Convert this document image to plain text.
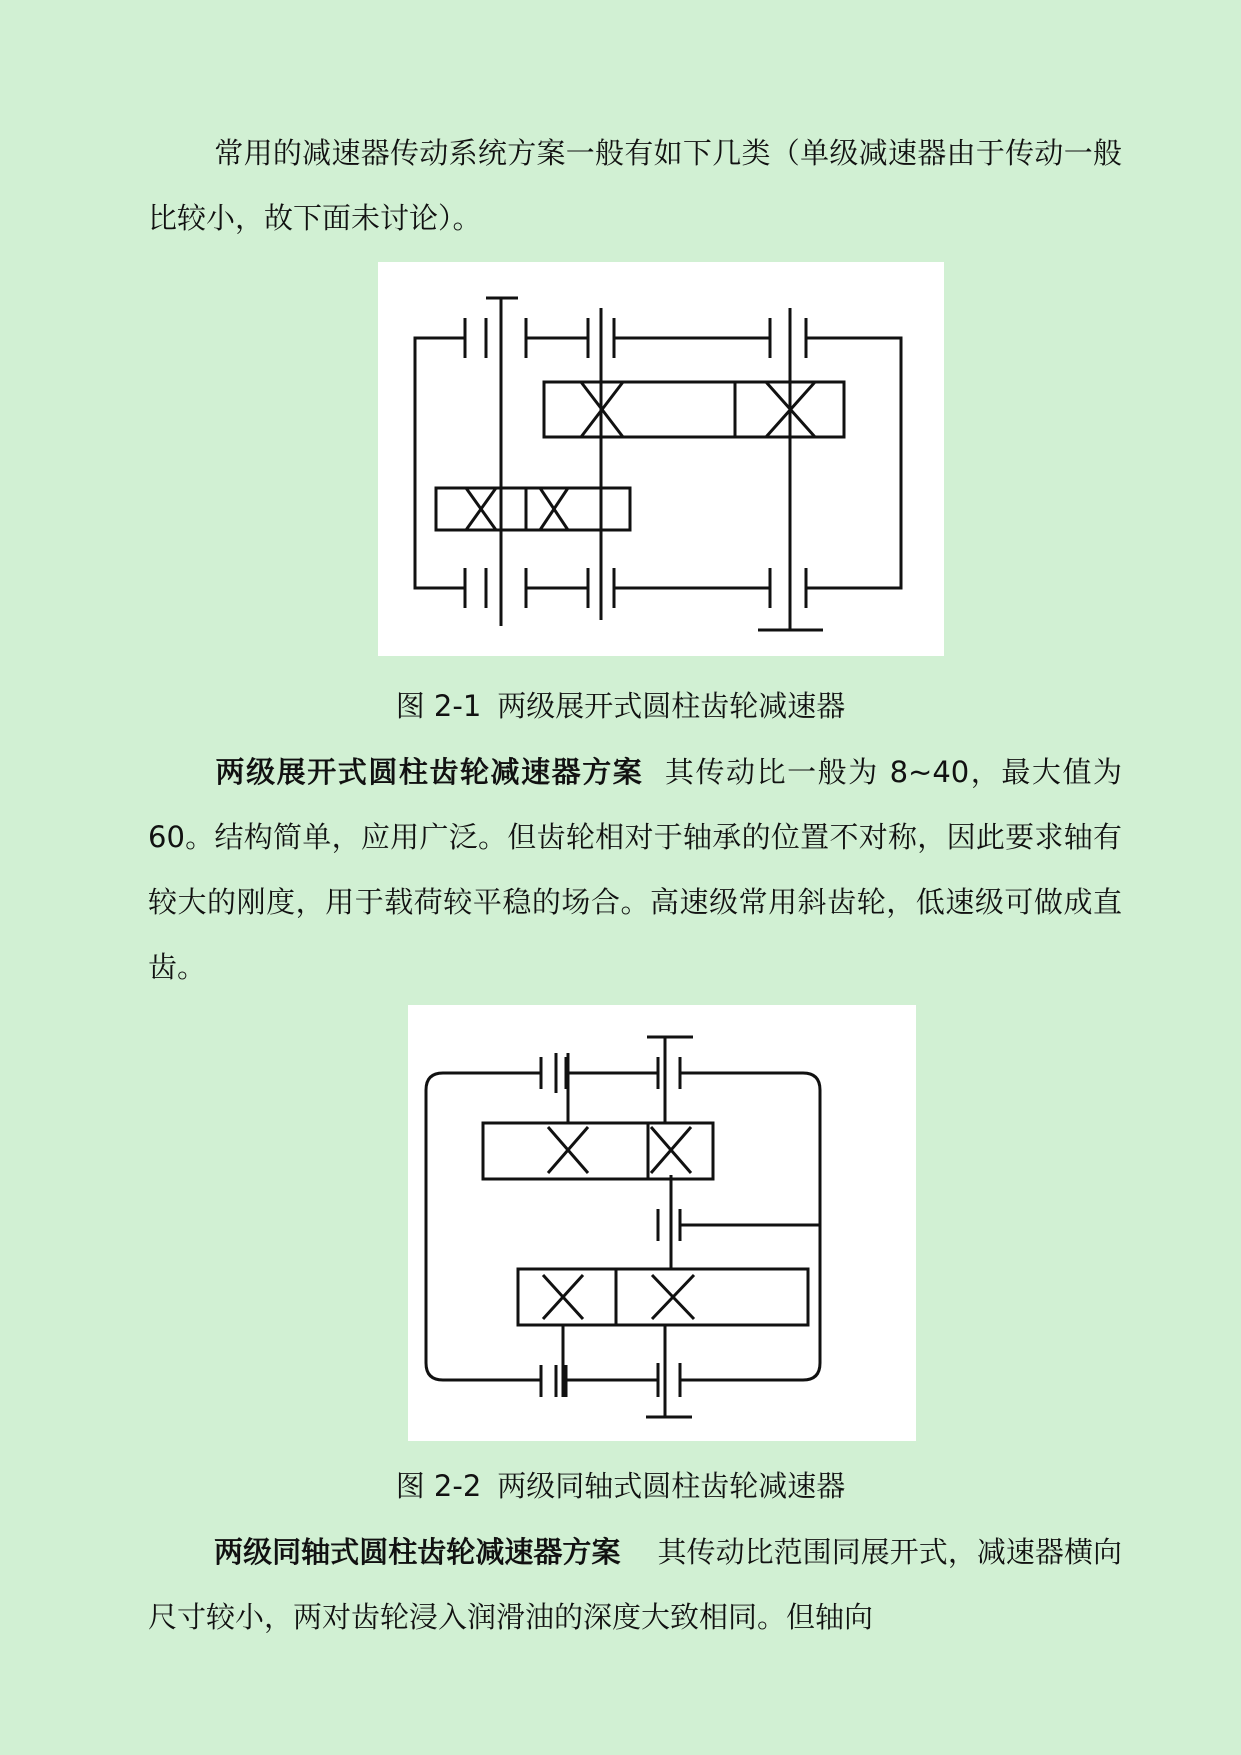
常用的减速器传动系统方案一般有如下几类（单级减速器由于传动一般比较小，故下面未讨论）。

图 2-1 两级展开式圆柱齿轮减速器

两级展开式圆柱齿轮减速器方案 其传动比一般为 8~40，最大值为 60。结构简单，应用广泛。但齿轮相对于轴承的位置不对称，因此要求轴有较大的刚度，用于载荷较平稳的场合。高速级常用斜齿轮，低速级可做成直齿。

图 2-2 两级同轴式圆柱齿轮减速器

两级同轴式圆柱齿轮减速器方案 其传动比范围同展开式，减速器横向尺寸较小，两对齿轮浸入润滑油的深度大致相同。但轴向
